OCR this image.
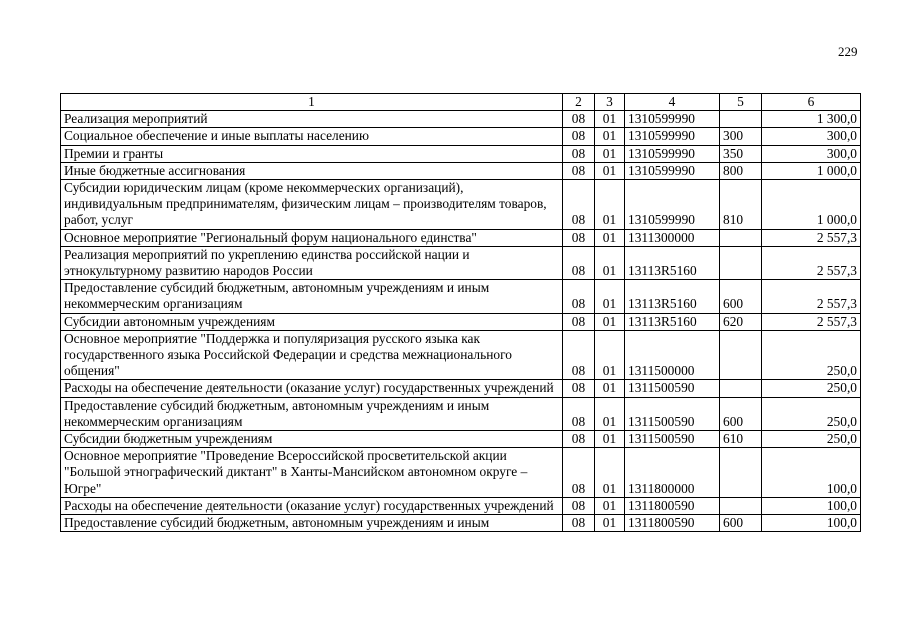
229
1	2	3	4	5	6
Реализация мероприятий	08	01	1310599990		1 300,0
Социальное обеспечение и иные выплаты населению	08	01	1310599990	300	300,0
Премии и гранты	08	01	1310599990	350	300,0
Иные бюджетные ассигнования	08	01	1310599990	800	1 000,0
Субсидии юридическим лицам (кроме некоммерческих организаций), индивидуальным предпринимателям, физическим лицам – производителям товаров, работ, услуг	08	01	1310599990	810	1 000,0
Основное мероприятие "Региональный форум национального единства"	08	01	1311300000		2 557,3
Реализация мероприятий по укреплению единства российской нации и этнокультурному развитию народов России	08	01	13113R5160		2 557,3
Предоставление субсидий бюджетным, автономным учреждениям и иным некоммерческим организациям	08	01	13113R5160	600	2 557,3
Субсидии автономным учреждениям	08	01	13113R5160	620	2 557,3
Основное мероприятие "Поддержка и популяризация русского языка как государственного языка Российской Федерации и средства межнационального общения"	08	01	1311500000		250,0
Расходы на обеспечение деятельности (оказание услуг) государственных учреждений	08	01	1311500590		250,0
Предоставление субсидий бюджетным, автономным учреждениям и иным некоммерческим организациям	08	01	1311500590	600	250,0
Субсидии бюджетным учреждениям	08	01	1311500590	610	250,0
Основное мероприятие "Проведение Всероссийской просветительской акции "Большой этнографический диктант" в Ханты-Мансийском автономном округе – Югре"	08	01	1311800000		100,0
Расходы на обеспечение деятельности (оказание услуг) государственных учреждений	08	01	1311800590		100,0
Предоставление субсидий бюджетным, автономным учреждениям и иным	08	01	1311800590	600	100,0
